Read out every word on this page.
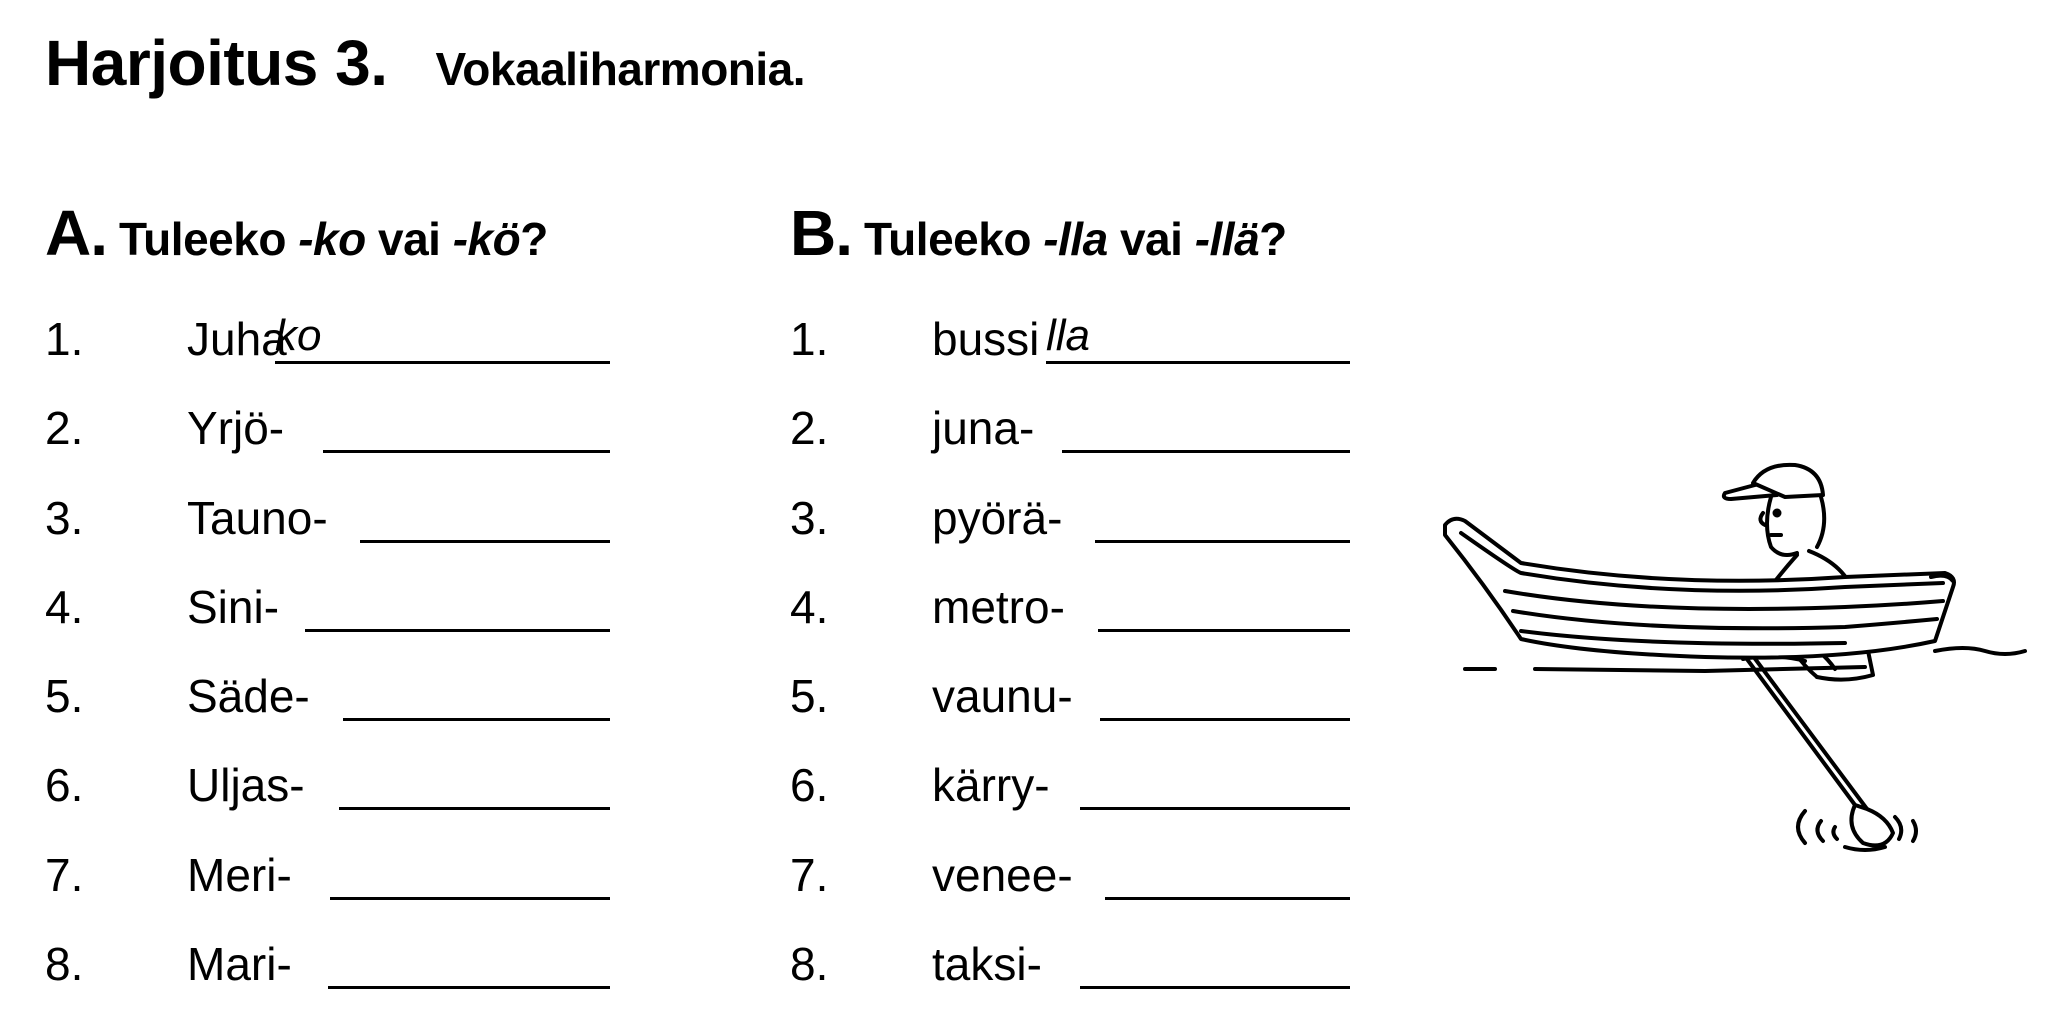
Harjoitus 3. Vokaaliharmonia.
A. Tuleeko -ko vai -kö?
1.	Juha
ko
2.	Yrjö-
3.	Tauno-
4.	Sini-
5.	Säde-
6.	Uljas-
7.	Meri-
8.	Mari-
B. Tuleeko -lla vai -llä?
1.	bussi lla
2.	juna-
3.	pyörä-
4.	metro-
5.	vaunu-
6.	kärry-
7.	venee-
8.	taksi-
